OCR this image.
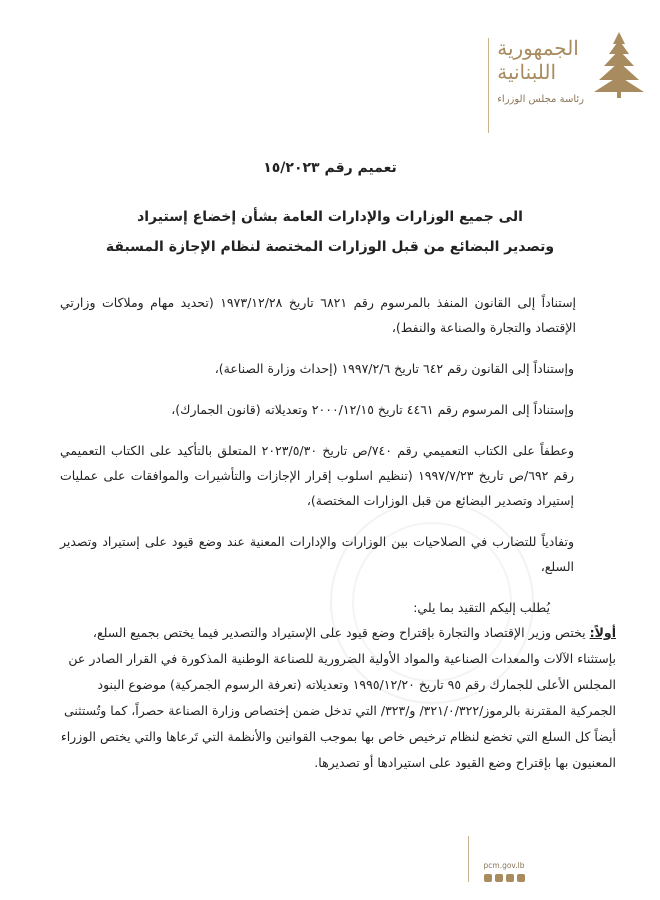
الجمهورية
اللبنانية
رئاسة مجلس الوزراء
تعميم رقم ١٥/٢٠٢٣
الى جميع الوزارات والإدارات العامة بشأن إخضاع إستيراد
وتصدير البضائع من قبل الوزارات المختصة لنظام الإجازة المسبقة

إستناداً إلى القانون المنفذ بالمرسوم رقم ٦٨٢١ تاريخ ١٩٧٣/١٢/٢٨ (تحديد مهام وملاكات وزارتي الإقتصاد والتجارة والصناعة والنفط)،

وإستناداً إلى القانون رقم ٦٤٢ تاريخ ١٩٩٧/٢/٦ (إحداث وزارة الصناعة)،

وإستناداً إلى المرسوم رقم ٤٤٦١ تاريخ ٢٠٠٠/١٢/١٥ وتعديلاته (قانون الجمارك)،

وعطفاً على الكتاب التعميمي رقم ٧٤٠/ص تاريخ ٢٠٢٣/٥/٣٠ المتعلق بالتأكيد على الكتاب التعميمي رقم ٦٩٢/ص تاريخ ١٩٩٧/٧/٢٣ (تنظيم اسلوب إقرار الإجازات والتأشيرات والموافقات على عمليات إستيراد وتصدير البضائع من قبل الوزارات المختصة)،

وتفادياً للتضارب في الصلاحيات بين الوزارات والإدارات المعنية عند وضع قيود على إستيراد وتصدير السلع،

يُطلب إليكم التقيد بما يلي:

أولاً: يختص وزير الإقتصاد والتجارة بإقتراح وضع قيود على الإستيراد والتصدير فيما يختص بجميع السلع، بإستثناء الآلات والمعدات الصناعية والمواد الأولية الضرورية للصناعة الوطنية المذكورة في القرار الصادر عن المجلس الأعلى للجمارك رقم ٩٥ تاريخ ١٩٩٥/١٢/٢٠ وتعديلاته (تعرفة الرسوم الجمركية) موضوع البنود الجمركية المقترنة بالرموز/٣٢١/٠/٣٢٢/ و/٣٢٣/ التي تدخل ضمن إختصاص وزارة الصناعة حصراً، كما وتُستثنى أيضاً كل السلع التي تخضع لنظام ترخيص خاص بها بموجب القوانين والأنظمة التي تَرعاها والتي يختص الوزراء المعنيون بها بإقتراح وضع القيود على استيرادها أو تصديرها.
pcm.gov.lb
